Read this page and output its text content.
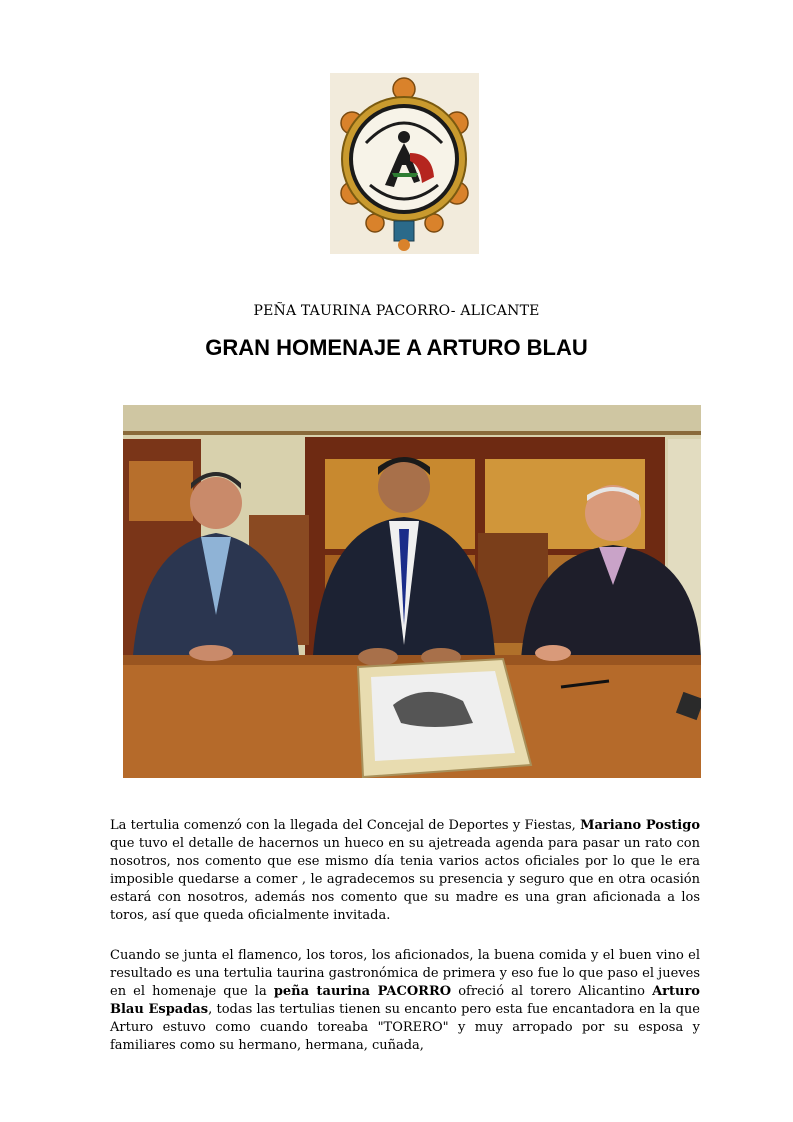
PEÑA TAURINA PACORRO- ALICANTE
GRAN HOMENAJE A ARTURO BLAU
La tertulia comenzó con la llegada del Concejal de Deportes y Fiestas, Mariano Postigo que tuvo el detalle de hacernos un hueco en su ajetreada agenda para pasar un rato con nosotros, nos comento que ese mismo día tenia varios actos oficiales por lo que le era imposible quedarse a comer , le agradecemos su presencia y seguro que en otra ocasión estará con nosotros, además nos comento que su madre es una gran aficionada a los toros, así que queda oficialmente invitada.
Cuando se junta el flamenco, los toros, los aficionados, la buena comida y el buen vino el resultado es una tertulia taurina gastronómica de primera y eso fue lo que paso el jueves en el homenaje que la peña taurina PACORRO ofreció al torero Alicantino Arturo Blau Espadas, todas las tertulias tienen su encanto pero esta fue encantadora en la que Arturo estuvo como cuando toreaba "TORERO" y muy arropado por su esposa y familiares como su hermano, hermana, cuñada,
